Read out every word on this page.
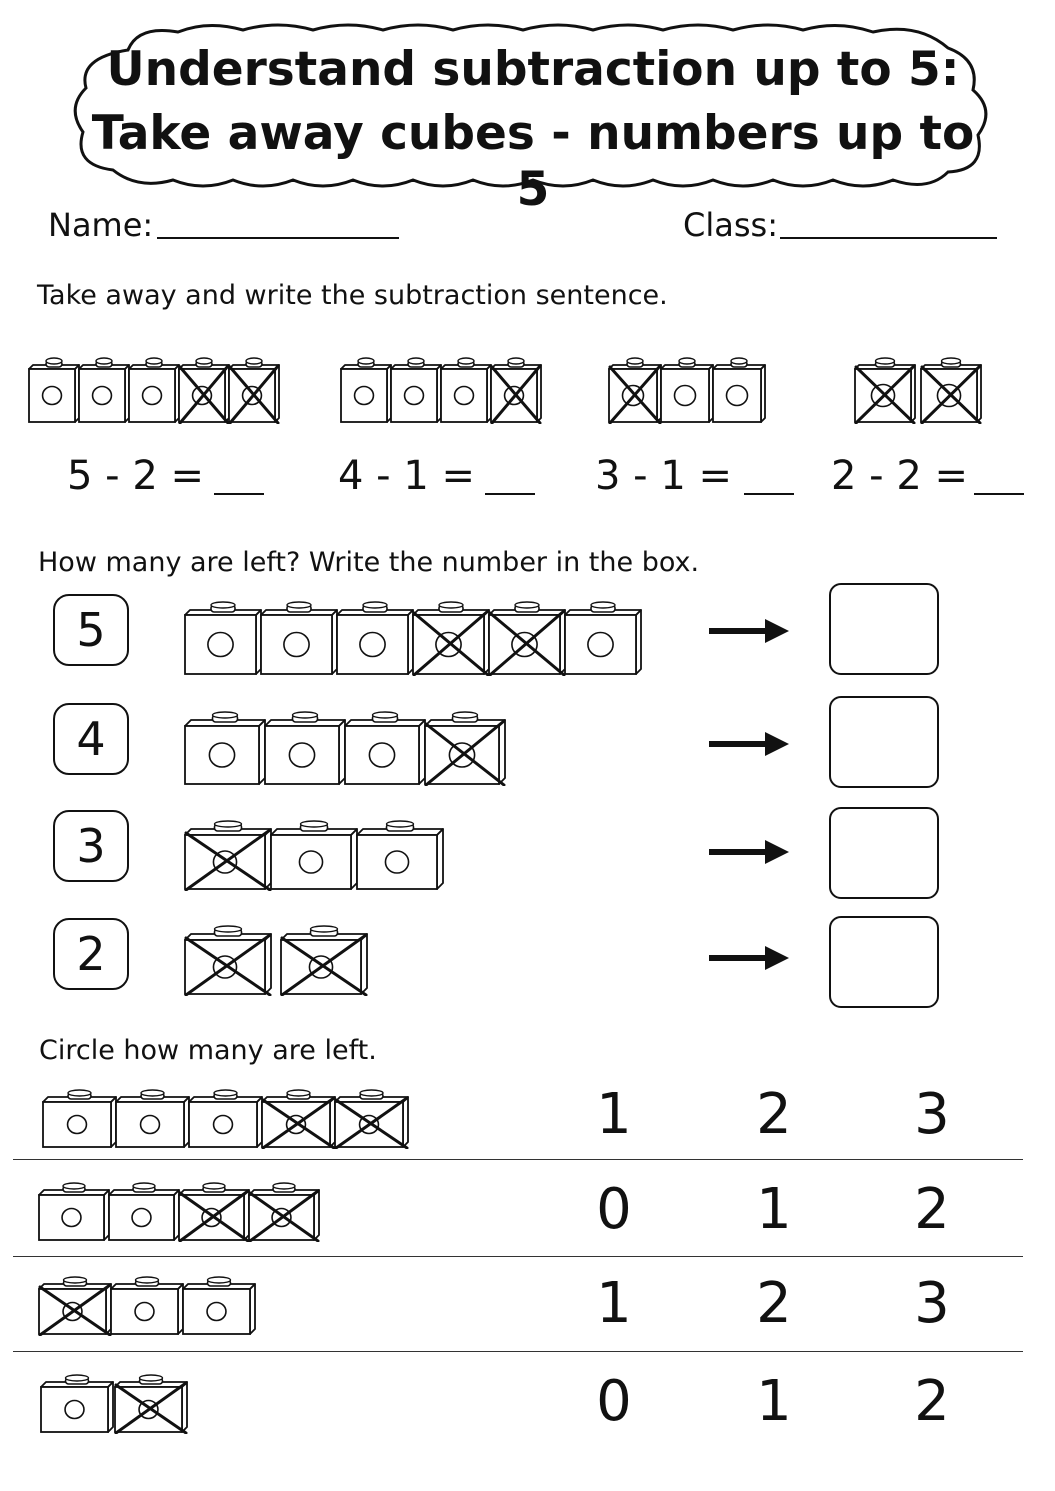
Understand subtraction up to 5:
Take away cubes - numbers up to 5
Name:	Class:
Take away and write the subtraction sentence.
5 - 2 =	4 - 1 =	3 - 1 = 2 - 2 =
How many are left? Write the number in the box.
5
4
3
2
Circle how many are left.
1 2 3
0 1 2
1 2 3
0 1 2
